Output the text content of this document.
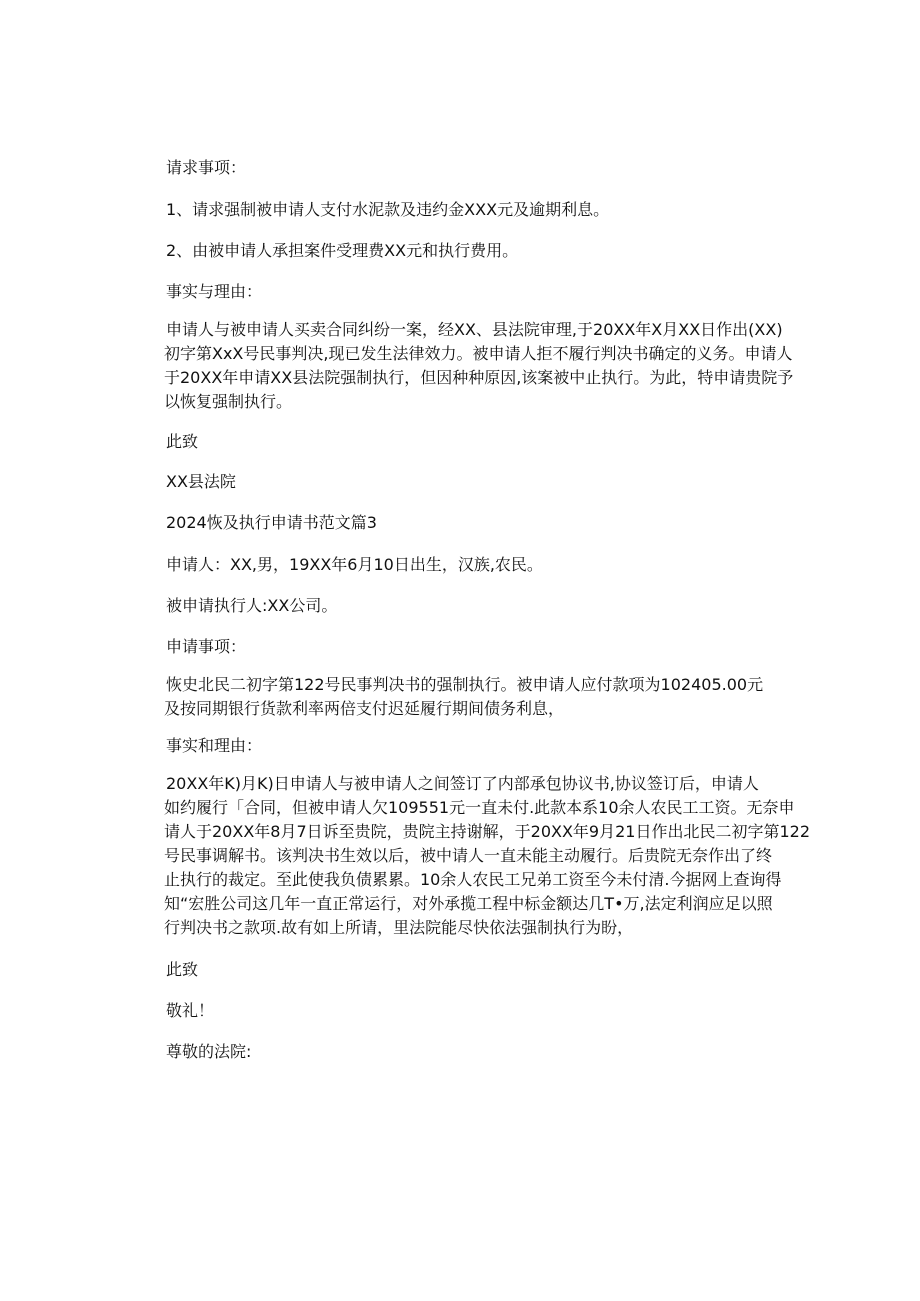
请求事项：

1、请求强制被申请人支付水泥款及违约金XXX元及逾期利息。

2、由被申请人承担案件受理费XX元和执行费用。

事实与理由：

申请人与被申请人买卖合同纠纷一案，经XX、县法院审理,于20XX年X月XX日作出(XX)
初字第XxX号民事判决,现已发生法律效力。被申请人拒不履行判决书确定的义务。申请人
于20XX年申请XX县法院强制执行，但因种种原因,该案被中止执行。为此，特申请贵院予
以恢复强制执行。

此致

XX县法院

2024恢及执行申请书范文篇3

申请人：XX,男，19XX年6月10日出生，汉族,农民。

被申请执行人:XX公司。

申请事项：

恢史北民二初字第122号民事判决书的强制执行。被申请人应付款项为102405.00元
及按同期银行货款利率两倍支付迟延履行期间债务利息，

事实和理由：

20XX年K)月K)日申请人与被申请人之间签订了内部承包协议书,协议签订后，申请人
如约履行「合同，但被申请人欠109551元一直未付.此款本系10余人农民工工资。无奈申
请人于20XX年8月7日诉至贵院，贵院主持谢解，于20XX年9月21日作出北民二初字第122
号民事调解书。该判决书生效以后，被中请人一直未能主动履行。后贵院无奈作出了终
止执行的裁定。至此使我负债累累。10余人农民工兄弟工资至今未付清.今据网上查询得
知“宏胜公司这几年一直正常运行，对外承揽工程中标金额达几T•万,法定利润应足以照
行判决书之款项.故有如上所请，里法院能尽快依法强制执行为盼，

此致

敬礼！

尊敬的法院:
